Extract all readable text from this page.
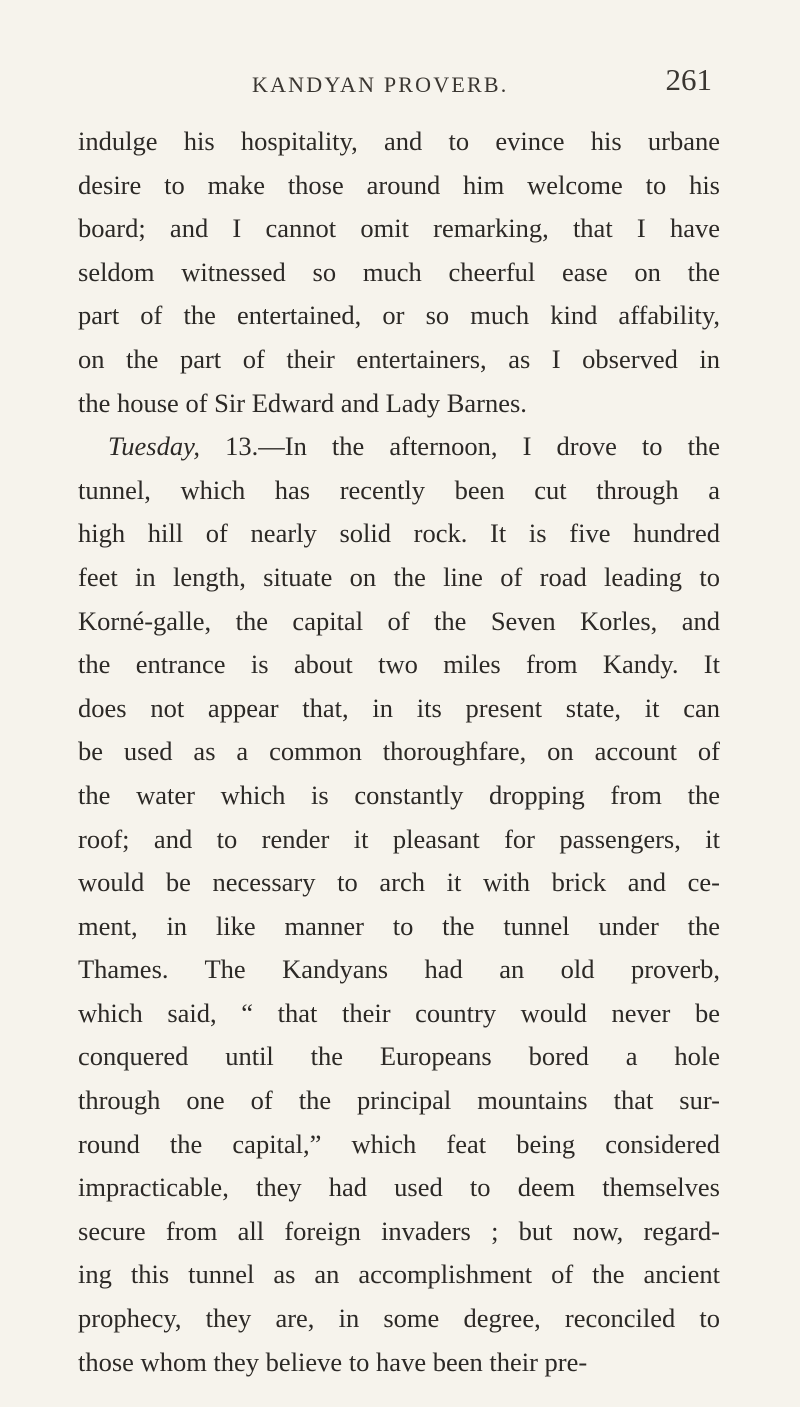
KANDYAN PROVERB.	261
indulge his hospitality, and to evince his urbane
desire to make those around him welcome to his
board; and I cannot omit remarking, that I have
seldom witnessed so much cheerful ease on the
part of the entertained, or so much kind affability,
on the part of their entertainers, as I observed in
the house of Sir Edward and Lady Barnes.
Tuesday, 13.—In the afternoon, I drove to the
tunnel, which has recently been cut through a
high hill of nearly solid rock. It is five hundred
feet in length, situate on the line of road leading to
Korné-galle, the capital of the Seven Korles, and
the entrance is about two miles from Kandy. It
does not appear that, in its present state, it can
be used as a common thoroughfare, on account of
the water which is constantly dropping from the
roof; and to render it pleasant for passengers, it
would be necessary to arch it with brick and ce-
ment, in like manner to the tunnel under the
Thames. The Kandyans had an old proverb,
which said, “ that their country would never be
conquered until the Europeans bored a hole
through one of the principal mountains that sur-
round the capital,” which feat being considered
impracticable, they had used to deem themselves
secure from all foreign invaders ; but now, regard-
ing this tunnel as an accomplishment of the ancient
prophecy, they are, in some degree, reconciled to
those whom they believe to have been their pre-
